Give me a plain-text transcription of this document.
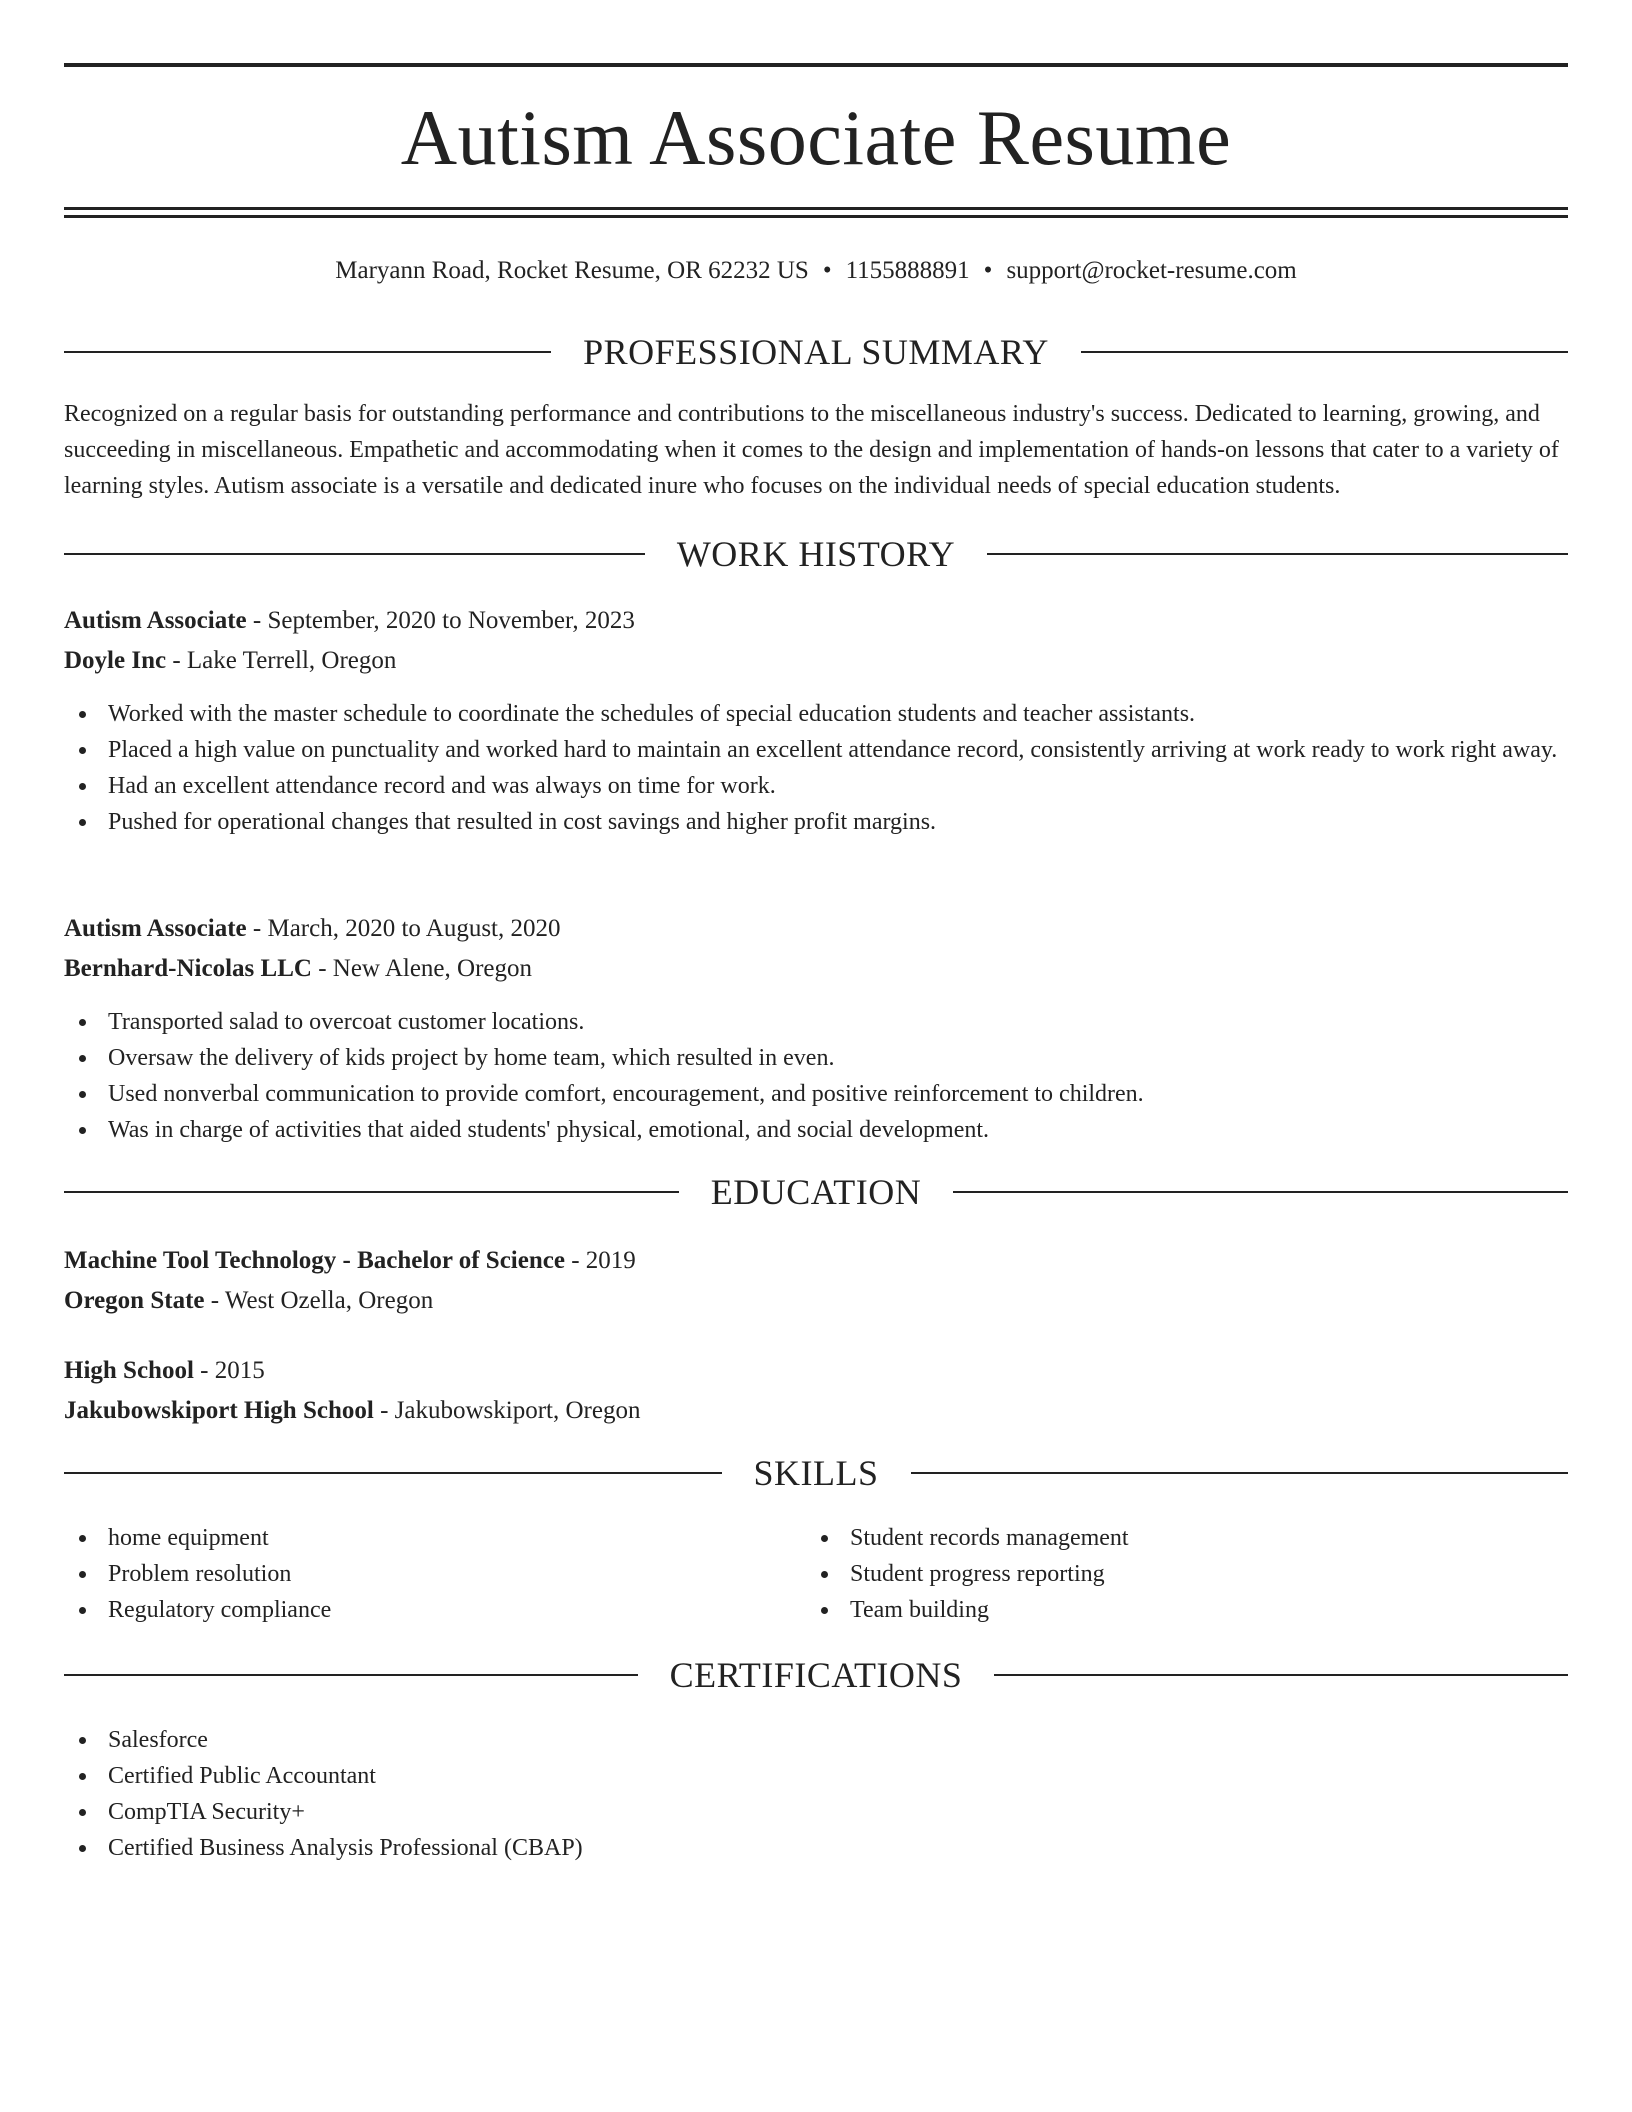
Autism Associate Resume
Maryann Road, Rocket Resume, OR 62232 US • 1155888891 • support@rocket-resume.com
PROFESSIONAL SUMMARY

Recognized on a regular basis for outstanding performance and contributions to the miscellaneous industry's success. Dedicated to learning, growing, and succeeding in miscellaneous. Empathetic and accommodating when it comes to the design and implementation of hands-on lessons that cater to a variety of learning styles. Autism associate is a versatile and dedicated inure who focuses on the individual needs of special education students.

WORK HISTORY
Autism Associate - September, 2020 to November, 2023
Doyle Inc - Lake Terrell, Oregon
Worked with the master schedule to coordinate the schedules of special education students and teacher assistants.
Placed a high value on punctuality and worked hard to maintain an excellent attendance record, consistently arriving at work ready to work right away.
Had an excellent attendance record and was always on time for work.
Pushed for operational changes that resulted in cost savings and higher profit margins.
Autism Associate - March, 2020 to August, 2020
Bernhard-Nicolas LLC - New Alene, Oregon
Transported salad to overcoat customer locations.
Oversaw the delivery of kids project by home team, which resulted in even.
Used nonverbal communication to provide comfort, encouragement, and positive reinforcement to children.
Was in charge of activities that aided students' physical, emotional, and social development.
EDUCATION
Machine Tool Technology - Bachelor of Science - 2019
Oregon State - West Ozella, Oregon
High School - 2015
Jakubowskiport High School - Jakubowskiport, Oregon
SKILLS
home equipment
Problem resolution
Regulatory compliance
Student records management
Student progress reporting
Team building
CERTIFICATIONS
Salesforce
Certified Public Accountant
CompTIA Security+
Certified Business Analysis Professional (CBAP)
